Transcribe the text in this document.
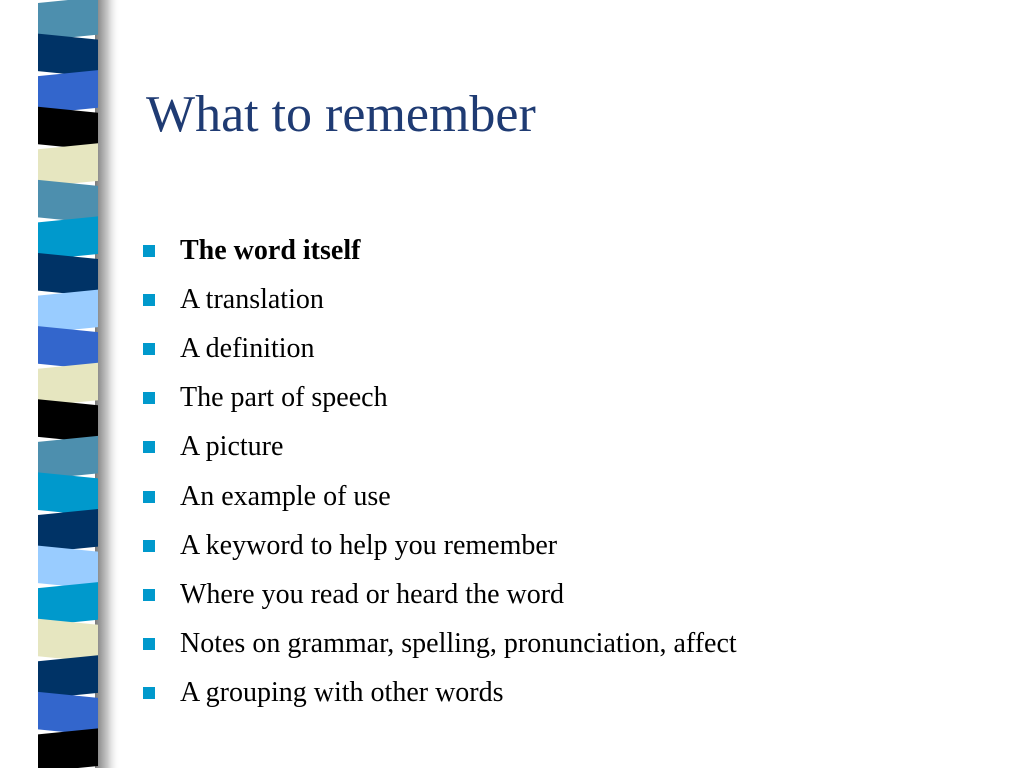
What to remember
The word itself
A translation
A definition
The part of speech
A picture
An example of use
A keyword to help you remember
Where you read or heard the word
Notes on grammar, spelling, pronunciation, affect
A grouping with other words
